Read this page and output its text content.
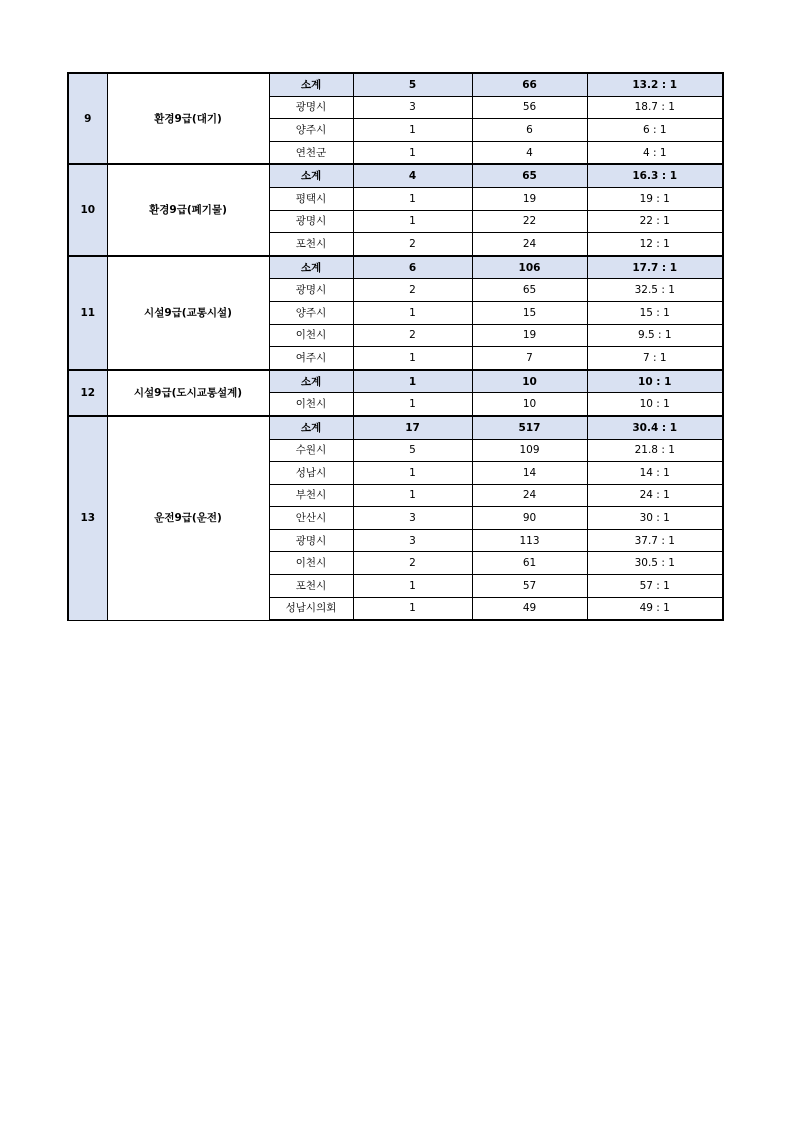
9	환경9급(대기)	소계	5	66	13.2 : 1
		광명시	3	56	18.7 : 1
		양주시	1	6	6 : 1
		연천군	1	4	4 : 1
10	환경9급(폐기물)	소계	4	65	16.3 : 1
		평택시	1	19	19 : 1
		광명시	1	22	22 : 1
		포천시	2	24	12 : 1
11	시설9급(교통시설)	소계	6	106	17.7 : 1
		광명시	2	65	32.5 : 1
		양주시	1	15	15 : 1
		이천시	2	19	9.5 : 1
		여주시	1	7	7 : 1
12	시설9급(도시교통설계)	소계	1	10	10 : 1
		이천시	1	10	10 : 1
13	운전9급(운전)	소계	17	517	30.4 : 1
		수원시	5	109	21.8 : 1
		성남시	1	14	14 : 1
		부천시	1	24	24 : 1
		안산시	3	90	30 : 1
		광명시	3	113	37.7 : 1
		이천시	2	61	30.5 : 1
		포천시	1	57	57 : 1
		성남시의회	1	49	49 : 1
